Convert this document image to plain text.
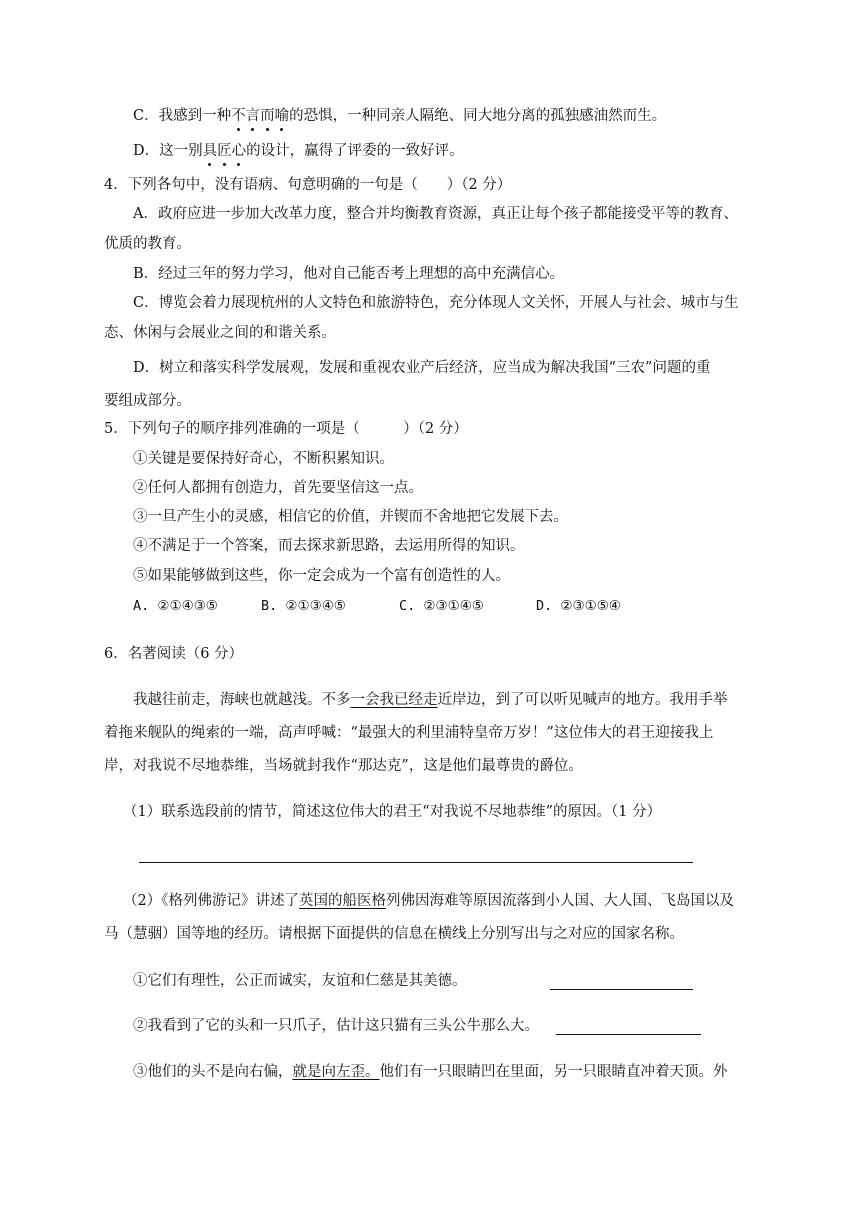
C．我感到一种不言而喻的恐惧，一种同亲人隔绝、同大地分离的孤独感油然而生。
D．这一别具匠心的设计，赢得了评委的一致好评。
4．下列各句中，没有语病、句意明确的一句是（　　）（2 分）
A．政府应进一步加大改革力度，整合并均衡教育资源，真正让每个孩子都能接受平等的教育、
优质的教育。
B．经过三年的努力学习，他对自己能否考上理想的高中充满信心。
C．博览会着力展现杭州的人文特色和旅游特色，充分体现人文关怀，开展人与社会、城市与生
态、休闲与会展业之间的和谐关系。
D．树立和落实科学发展观，发展和重视农业产后经济，应当成为解决我国“三农”问题的重
要组成部分。
5．下列句子的顺序排列准确的一项是（　　　）（2 分）
①关键是要保持好奇心，不断积累知识。
②任何人都拥有创造力，首先要坚信这一点。
③一旦产生小的灵感，相信它的价值，并锲而不舍地把它发展下去。
④不满足于一个答案，而去探求新思路，去运用所得的知识。
⑤如果能够做到这些，你一定会成为一个富有创造性的人。
A. ②①④③⑤	B. ②①③④⑤	C. ②③①④⑤	D. ②③①⑤④
6．名著阅读（6 分）
我越往前走，海峡也就越浅。不多一会我已经走近岸边，到了可以听见喊声的地方。我用手举
着拖来舰队的绳索的一端，高声呼喊：“最强大的利里浦特皇帝万岁！”这位伟大的君王迎接我上
岸，对我说不尽地恭维，当场就封我作“那达克”，这是他们最尊贵的爵位。
（1）联系选段前的情节，简述这位伟大的君王“对我说不尽地恭维”的原因。（1 分）
（2）《格列佛游记》讲述了英国的船医格列佛因海难等原因流落到小人国、大人国、飞岛国以及
马（慧骃）国等地的经历。请根据下面提供的信息在横线上分别写出与之对应的国家名称。
①它们有理性，公正而诚实，友谊和仁慈是其美德。
②我看到了它的头和一只爪子，估计这只猫有三头公牛那么大。
③他们的头不是向右偏，就是向左歪。他们有一只眼睛凹在里面，另一只眼睛直冲着天顶。外
